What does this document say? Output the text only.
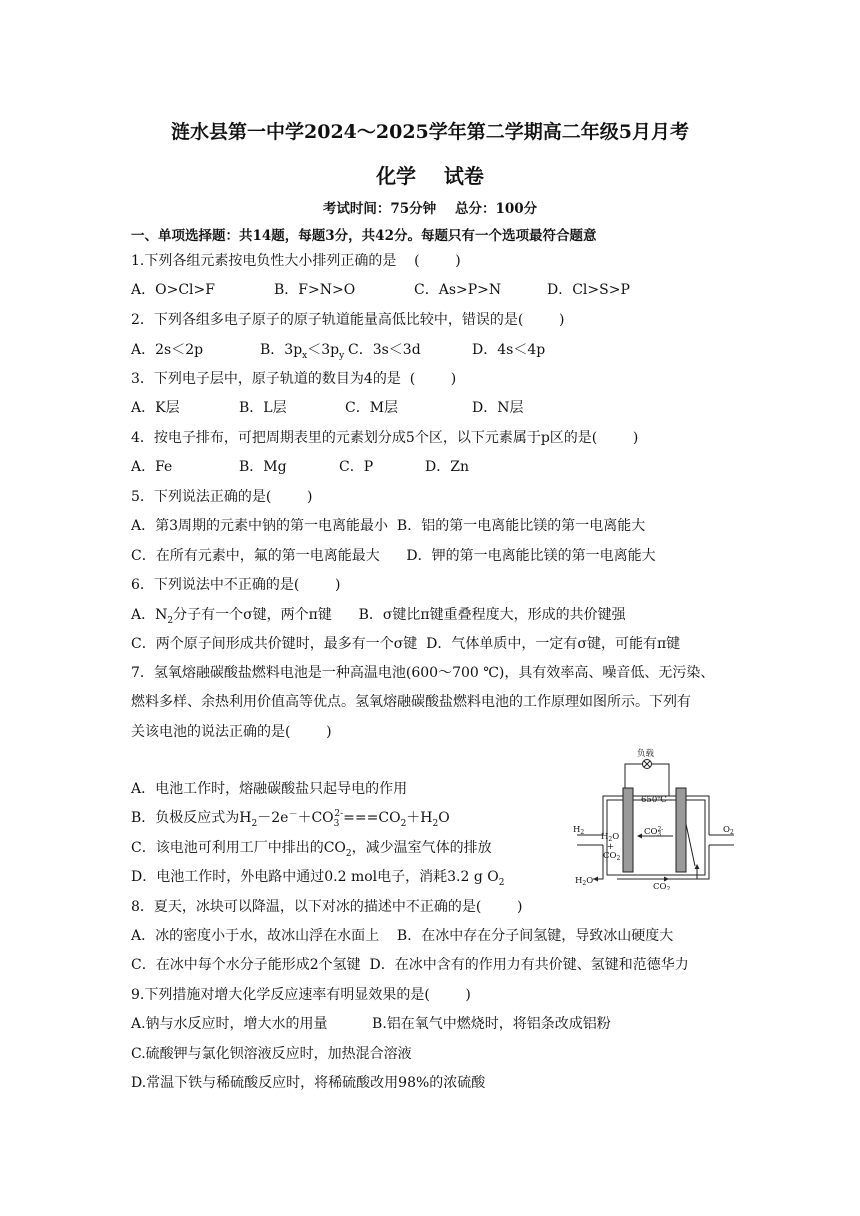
涟水县第一中学2024～2025学年第二学期高二年级5月月考
化学    试卷
考试时间：75分钟    总分：100分
一、单项选择题：共14题，每题3分，共42分。每题只有一个选项最符合题意
1.下列各组元素按电负性大小排列正确的是    (        )
A．O>Cl>F	B．F>N>O	C．As>P>N	D．Cl>S>P
2．下列各组多电子原子的原子轨道能量高低比较中，错误的是(        )
A．2s＜2p	B．$3p_x<3p_y$ C．3s＜3d	D．4s＜4p
3．下列电子层中，原子轨道的数目为4的是  (        )
A．K层	B．L层	C．M层	D．N层
4．按电子排布，可把周期表里的元素划分成5个区，以下元素属于p区的是(        )
A．Fe	B．Mg	C．P	D．Zn
5．下列说法正确的是(        )
A．第3周期的元素中钠的第一电离能最小  B．铝的第一电离能比镁的第一电离能大
C．在所有元素中，氟的第一电离能最大      D．钾的第一电离能比镁的第一电离能大
6．下列说法中不正确的是(        )
A．$N_2$分子有一个σ键，两个π键      B．σ键比π键重叠程度大，形成的共价键强
C．两个原子间形成共价键时，最多有一个σ键  D．气体单质中，一定有σ键，可能有π键
7．氢氧熔融碳酸盐燃料电池是一种高温电池(600～700 ℃)，具有效率高、噪音低、无污染、
燃料多样、余热利用价值高等优点。氢氧熔融碳酸盐燃料电池的工作原理如图所示。下列有
关该电池的说法正确的是(        )
A．电池工作时，熔融碳酸盐只起导电的作用
B．负极反应式为$H_2-2e^-+CO_3^{2-}===CO_2+H_2O$
C．该电池可利用工厂中排出的$CO_2$，减少温室气体的排放
D．电池工作时，外电路中通过0.2 mol电子，消耗3.2 g $O_2$
负载
650℃
$H_2$	$O_2$
$H_2O$
+
$CO_2$
$CO^{2-}3$
$H_2O$
$CO_2$
8．夏天，冰块可以降温，以下对冰的描述中不正确的是(        )
A．冰的密度小于水，故冰山浮在水面上    B．在冰中存在分子间氢键，导致冰山硬度大
C．在冰中每个水分子能形成2个氢键  D．在冰中含有的作用力有共价键、氢键和范德华力
9.下列措施对增大化学反应速率有明显效果的是(        )
A.钠与水反应时，增大水的用量          B.铝在氧气中燃烧时，将铝条改成铝粉
C.硫酸钾与氯化钡溶液反应时，加热混合溶液
D.常温下铁与稀硫酸反应时，将稀硫酸改用98%的浓硫酸
